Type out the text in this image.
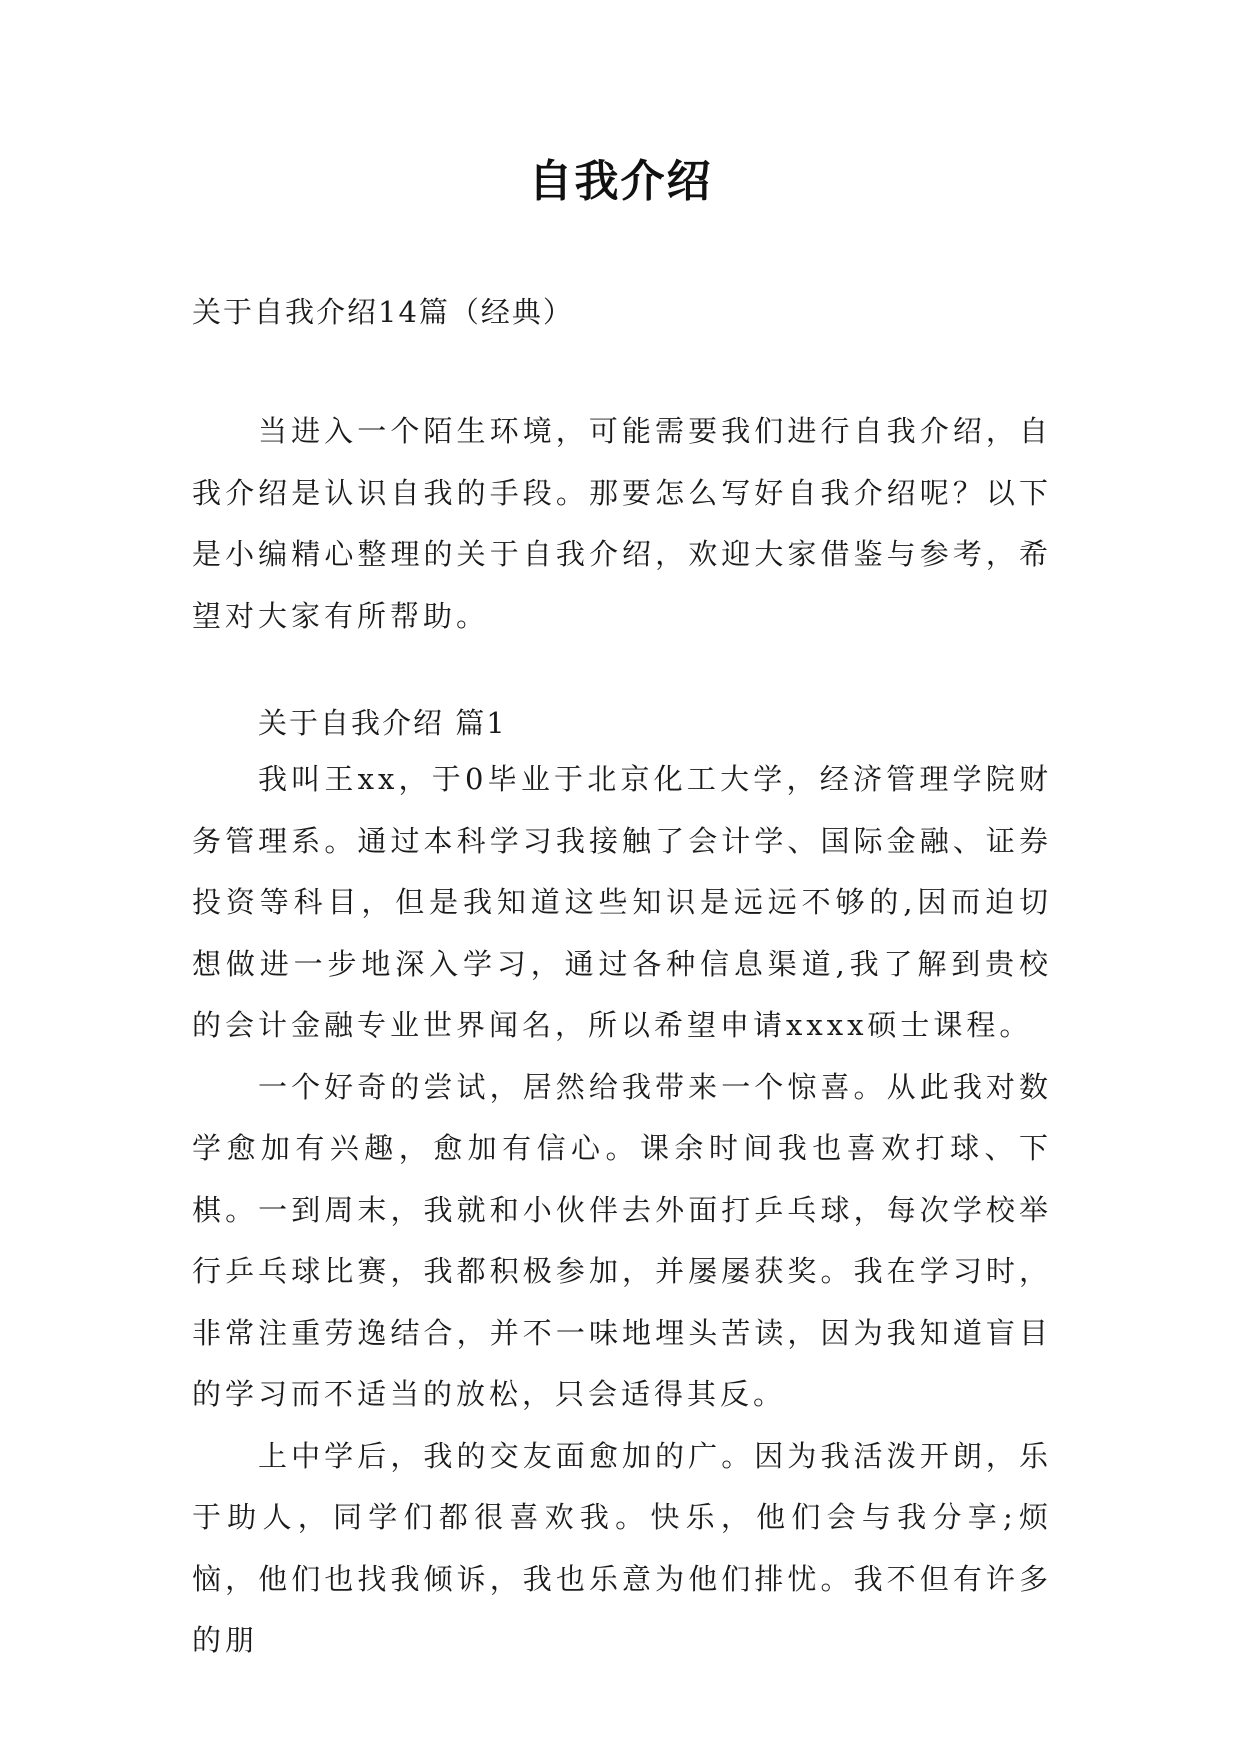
自我介绍
关于自我介绍14篇（经典）

当进入一个陌生环境，可能需要我们进行自我介绍，自我介绍是认识自我的手段。那要怎么写好自我介绍呢？以下是小编精心整理的关于自我介绍，欢迎大家借鉴与参考，希望对大家有所帮助。

关于自我介绍 篇1

我叫王xx，于0毕业于北京化工大学，经济管理学院财务管理系。通过本科学习我接触了会计学、国际金融、证券投资等科目，但是我知道这些知识是远远不够的,因而迫切想做进一步地深入学习，通过各种信息渠道,我了解到贵校的会计金融专业世界闻名，所以希望申请xxxx硕士课程。

一个好奇的尝试，居然给我带来一个惊喜。从此我对数学愈加有兴趣，愈加有信心。课余时间我也喜欢打球、下棋。一到周末，我就和小伙伴去外面打乒乓球，每次学校举行乒乓球比赛，我都积极参加，并屡屡获奖。我在学习时，非常注重劳逸结合，并不一味地埋头苦读，因为我知道盲目的学习而不适当的放松，只会适得其反。

上中学后，我的交友面愈加的广。因为我活泼开朗，乐于助人，同学们都很喜欢我。快乐，他们会与我分享;烦恼，他们也找我倾诉，我也乐意为他们排忧。我不但有许多的朋
